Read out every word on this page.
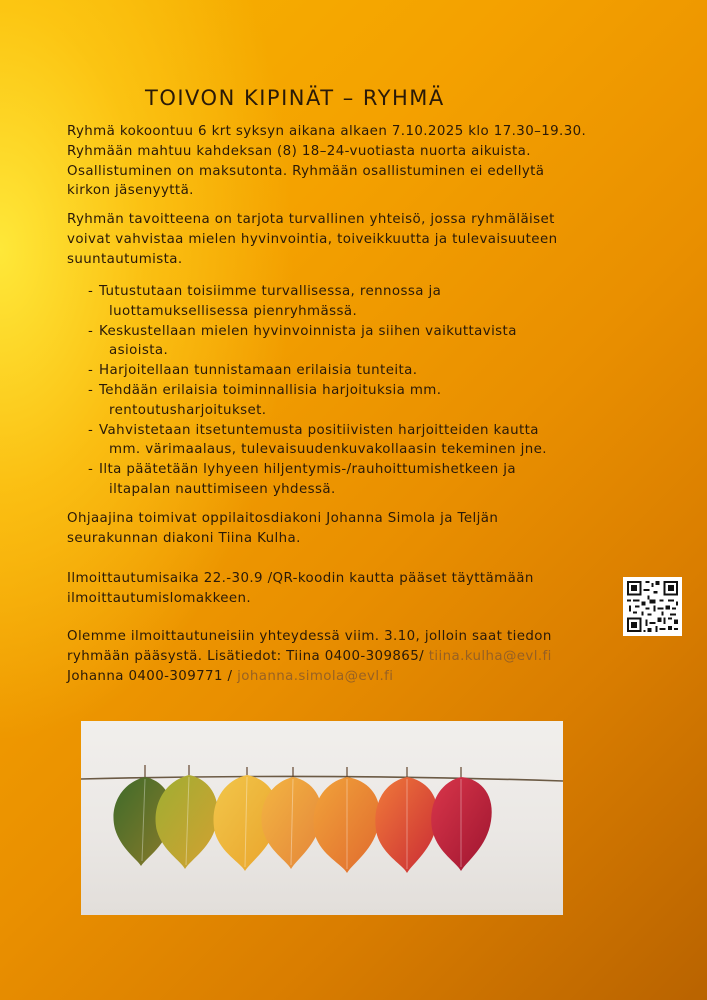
TOIVON KIPINÄT – RYHMÄ
Ryhmä kokoontuu 6 krt syksyn aikana alkaen 7.10.2025 klo 17.30–19.30.
Ryhmään mahtuu kahdeksan (8) 18–24-vuotiasta nuorta aikuista.
Osallistuminen on maksutonta. Ryhmään osallistuminen ei edellytä
kirkon jäsenyyttä.
Ryhmän tavoitteena on tarjota turvallinen yhteisö, jossa ryhmäläiset
voivat vahvistaa mielen hyvinvointia, toiveikkuutta ja tulevaisuuteen
suuntautumista.
- Tutustutaan toisiimme turvallisessa, rennossa ja
luottamuksellisessa pienryhmässä.
- Keskustellaan mielen hyvinvoinnista ja siihen vaikuttavista
asioista.
- Harjoitellaan tunnistamaan erilaisia tunteita.
- Tehdään erilaisia toiminnallisia harjoituksia mm.
rentoutusharjoitukset.
- Vahvistetaan itsetuntemusta positiivisten harjoitteiden kautta
mm. värimaalaus, tulevaisuudenkuvakollaasin tekeminen jne.
- Ilta päätetään lyhyeen hiljentymis-/rauhoittumishetkeen ja
iltapalan nauttimiseen yhdessä.
Ohjaajina toimivat oppilaitosdiakoni Johanna Simola ja Teljän
seurakunnan diakoni Tiina Kulha.
Ilmoittautumisaika 22.-30.9 /QR-koodin kautta pääset täyttämään
ilmoittautumislomakkeen.
Olemme ilmoittautuneisiin yhteydessä viim. 3.10, jolloin saat tiedon
ryhmään pääsystä. Lisätiedot: Tiina 0400-309865/ tiina.kulha@evl.fi
Johanna 0400-309771 / johanna.simola@evl.fi
